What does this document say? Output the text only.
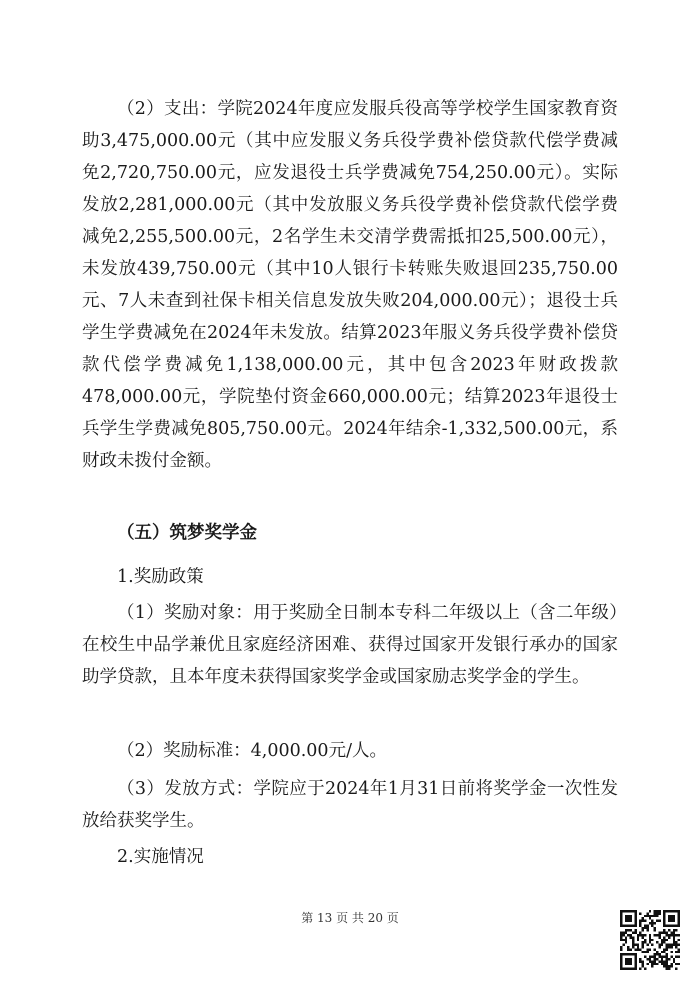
（2）支出：学院2024年度应发服兵役高等学校学生国家教育资助3,475,000.00元（其中应发服义务兵役学费补偿贷款代偿学费减免2,720,750.00元，应发退役士兵学费减免754,250.00元）。实际发放2,281,000.00元（其中发放服义务兵役学费补偿贷款代偿学费减免2,255,500.00元，2名学生未交清学费需抵扣25,500.00元），未发放439,750.00元（其中10人银行卡转账失败退回235,750.00元、7人未查到社保卡相关信息发放失败204,000.00元）；退役士兵学生学费减免在2024年未发放。结算2023年服义务兵役学费补偿贷款代偿学费减免1,138,000.00元，其中包含2023年财政拨款478,000.00元，学院垫付资金660,000.00元；结算2023年退役士兵学生学费减免805,750.00元。2024年结余-1,332,500.00元，系财政未拨付金额。

（五）筑梦奖学金

1.奖励政策

（1）奖励对象：用于奖励全日制本专科二年级以上（含二年级）在校生中品学兼优且家庭经济困难、获得过国家开发银行承办的国家助学贷款，且本年度未获得国家奖学金或国家励志奖学金的学生。

（2）奖励标准：4,000.00元/人。

（3）发放方式：学院应于2024年1月31日前将奖学金一次性发放给获奖学生。

2.实施情况

第 13 页 共 20 页
